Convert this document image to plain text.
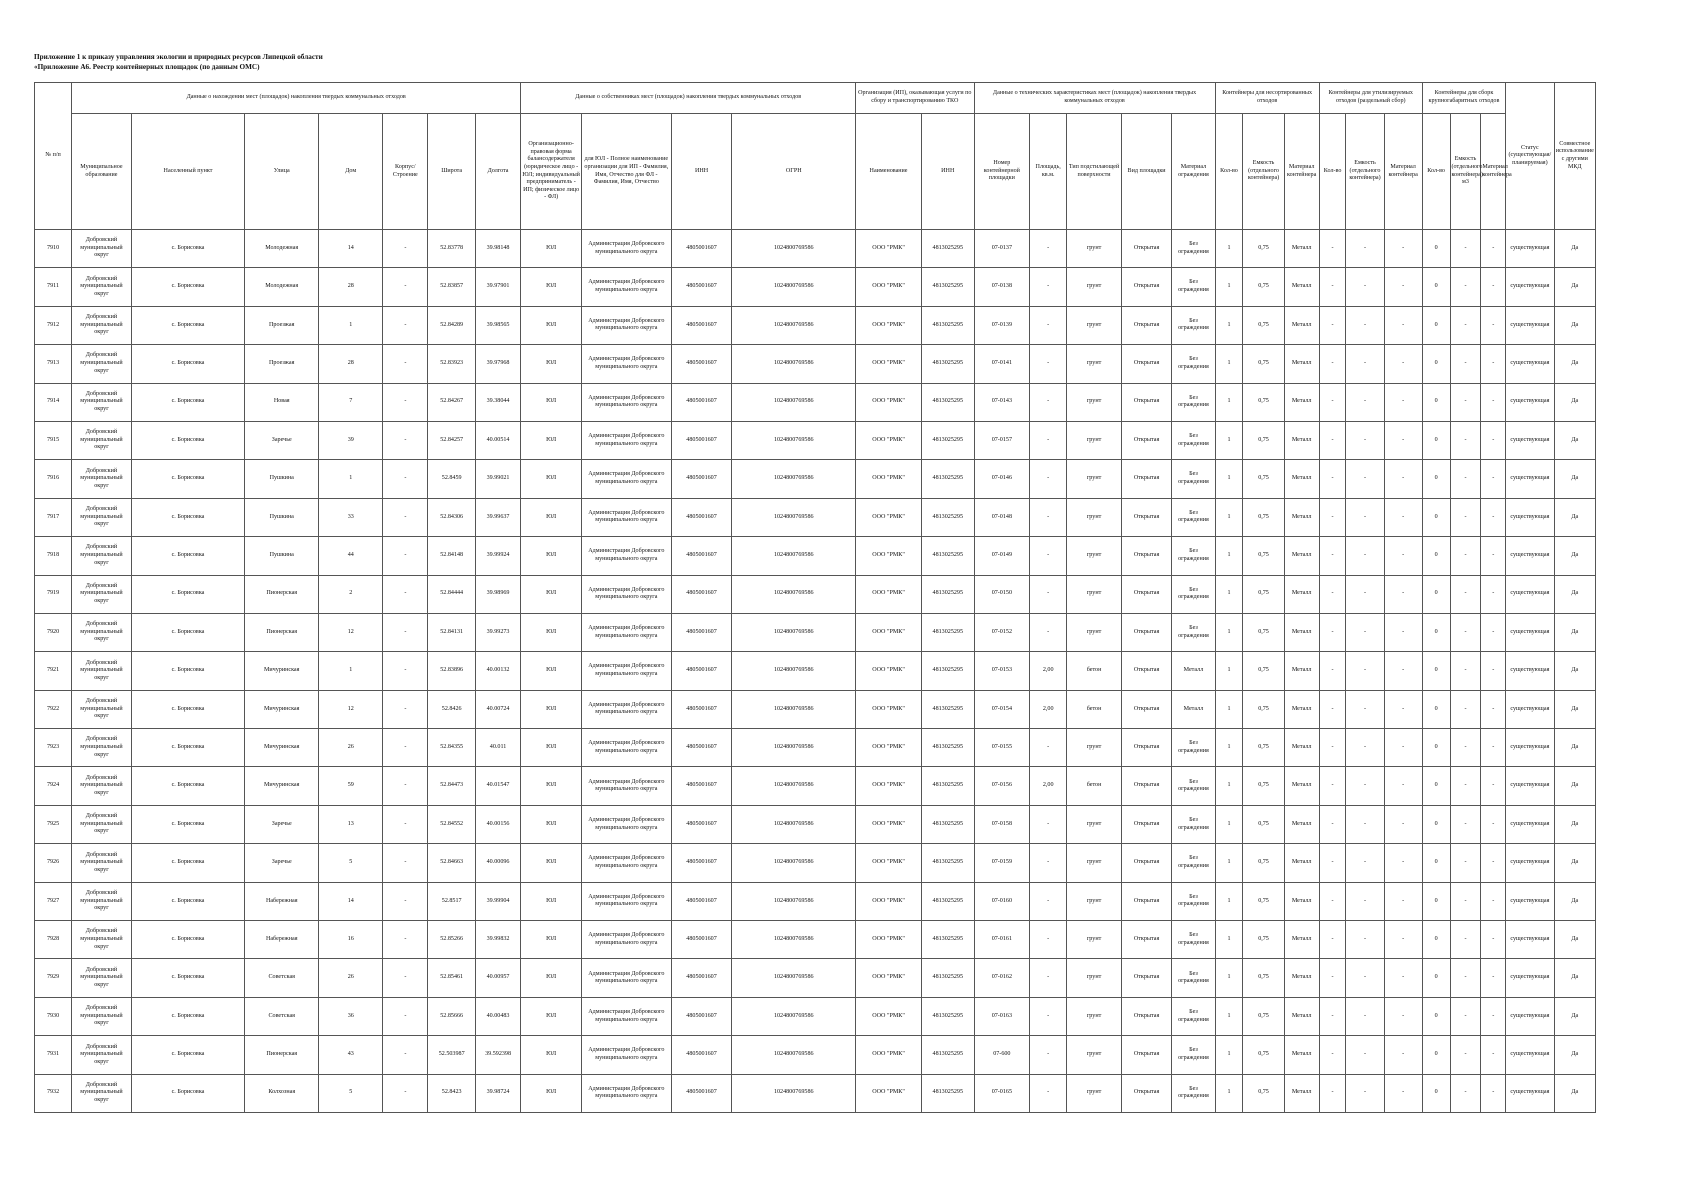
Приложение 1 к приказу управления экологии и природных ресурсов Липецкой области
«Приложение А6. Реестр контейнерных площадок (по данным ОМС)
№ п/п	Данные о нахождении мест (площадок) накопления твердых коммунальных отходов							Данные о собственниках мест (площадок) накопления твердых коммунальных отходов				Организация (ИП), оказывающая услуги по сбору и транспортированию ТКО		Данные о технических характеристиках мест (площадок) накопления твердых коммунальных отходов					Контейнеры для несортированных отходов			Контейнеры для утилизируемых отходов (раздельный сбор)			Контейнеры для сборк крупногабаритных отходов			Статус (существующая/ планируемая)	Совместное использование с другими МКД
	Муниципальное образование	Населенный пункт	Улица	Дом	Корпус/Строение	Широта	Долгота	Организационно-правовая форма балансодержателя (юридическое лицо - ЮЛ; индивидуальный предприниматель - ИП; физическое лицо - ФЛ)	для ЮЛ - Полное наименование организации для ИП - Фамилия, Имя, Отчество для ФЛ - Фамилия, Имя, Отчество	ИНН	ОГРН	Наименование	ИНН	Номер контейнерной площадки	Площадь, кв.м.	Тип подстилающей поверхности	Вид площадки	Материал ограждения	Кол-во	Емкость (отдельного контейнера)	Материал контейнера	Кол-во	Емкость (отдельного контейнера)	Материал контейнера	Кол-во	Емкость (отдельного контейнера) м3	Материал контейнера		
7910	Добровский муниципальный округ	с. Борисовка	Молодежная	14	-	52.83778	39.98148	ЮЛ	Администрация Добровского муниципального округа	4805001607	1024800769586	ООО "РМК"	4813025295	07-0137	-	грунт	Открытая	Без ограждения	1	0,75	Металл	-	-	-	0	-	-	существующая	Да
7911	Добровский муниципальный округ	с. Борисовка	Молодежная	28	-	52.83857	39.97901	ЮЛ	Администрация Добровского муниципального округа	4805001607	1024800769586	ООО "РМК"	4813025295	07-0138	-	грунт	Открытая	Без ограждения	1	0,75	Металл	-	-	-	0	-	-	существующая	Да
7912	Добровский муниципальный округ	с. Борисовка	Проезжая	1	-	52.84289	39.98565	ЮЛ	Администрация Добровского муниципального округа	4805001607	1024800769586	ООО "РМК"	4813025295	07-0139	-	грунт	Открытая	Без ограждения	1	0,75	Металл	-	-	-	0	-	-	существующая	Да
7913	Добровский муниципальный округ	с. Борисовка	Проезжая	28	-	52.83923	39.97968	ЮЛ	Администрация Добровского муниципального округа	4805001607	1024800769586	ООО "РМК"	4813025295	07-0141	-	грунт	Открытая	Без ограждения	1	0,75	Металл	-	-	-	0	-	-	существующая	Да
7914	Добровский муниципальный округ	с. Борисовка	Новая	7	-	52.84267	39.38044	ЮЛ	Администрация Добровского муниципального округа	4805001607	1024800769586	ООО "РМК"	4813025295	07-0143	-	грунт	Открытая	Без ограждения	1	0,75	Металл	-	-	-	0	-	-	существующая	Да
7915	Добровский муниципальный округ	с. Борисовка	Заречье	39	-	52.84257	40.00514	ЮЛ	Администрация Добровского муниципального округа	4805001607	1024800769586	ООО "РМК"	4813025295	07-0157	-	грунт	Открытая	Без ограждения	1	0,75	Металл	-	-	-	0	-	-	существующая	Да
7916	Добровский муниципальный округ	с. Борисовка	Пушкина	1	-	52.8459	39.99021	ЮЛ	Администрация Добровского муниципального округа	4805001607	1024800769586	ООО "РМК"	4813025295	07-0146	-	грунт	Открытая	Без ограждения	1	0,75	Металл	-	-	-	0	-	-	существующая	Да
7917	Добровский муниципальный округ	с. Борисовка	Пушкина	33	-	52.84306	39.99637	ЮЛ	Администрация Добровского муниципального округа	4805001607	1024800769586	ООО "РМК"	4813025295	07-0148	-	грунт	Открытая	Без ограждения	1	0,75	Металл	-	-	-	0	-	-	существующая	Да
7918	Добровский муниципальный округ	с. Борисовка	Пушкина	44	-	52.84148	39.99924	ЮЛ	Администрация Добровского муниципального округа	4805001607	1024800769586	ООО "РМК"	4813025295	07-0149	-	грунт	Открытая	Без ограждения	1	0,75	Металл	-	-	-	0	-	-	существующая	Да
7919	Добровский муниципальный округ	с. Борисовка	Пионерская	2	-	52.84444	39.98969	ЮЛ	Администрация Добровского муниципального округа	4805001607	1024800769586	ООО "РМК"	4813025295	07-0150	-	грунт	Открытая	Без ограждения	1	0,75	Металл	-	-	-	0	-	-	существующая	Да
7920	Добровский муниципальный округ	с. Борисовка	Пионерская	12	-	52.84131	39.99273	ЮЛ	Администрация Добровского муниципального округа	4805001607	1024800769586	ООО "РМК"	4813025295	07-0152	-	грунт	Открытая	Без ограждения	1	0,75	Металл	-	-	-	0	-	-	существующая	Да
7921	Добровский муниципальный округ	с. Борисовка	Мичуринская	1	-	52.83896	40.00132	ЮЛ	Администрация Добровского муниципального округа	4805001607	1024800769586	ООО "РМК"	4813025295	07-0153	2,00	бетон	Открытая	Металл	1	0,75	Металл	-	-	-	0	-	-	существующая	Да
7922	Добровский муниципальный округ	с. Борисовка	Мичуринская	12	-	52.8426	40.00724	ЮЛ	Администрация Добровского муниципального округа	4805001607	1024800769586	ООО "РМК"	4813025295	07-0154	2,00	бетон	Открытая	Металл	1	0,75	Металл	-	-	-	0	-	-	существующая	Да
7923	Добровский муниципальный округ	с. Борисовка	Мичуринская	26	-	52.84355	40.011	ЮЛ	Администрация Добровского муниципального округа	4805001607	1024800769586	ООО "РМК"	4813025295	07-0155	-	грунт	Открытая	Без ограждения	1	0,75	Металл	-	-	-	0	-	-	существующая	Да
7924	Добровский муниципальный округ	с. Борисовка	Мичуринская	59	-	52.84473	40.01547	ЮЛ	Администрация Добровского муниципального округа	4805001607	1024800769586	ООО "РМК"	4813025295	07-0156	2,00	бетон	Открытая	Без ограждения	1	0,75	Металл	-	-	-	0	-	-	существующая	Да
7925	Добровский муниципальный округ	с. Борисовка	Заречье	13	-	52.84552	40.00156	ЮЛ	Администрация Добровского муниципального округа	4805001607	1024800769586	ООО "РМК"	4813025295	07-0158	-	грунт	Открытая	Без ограждения	1	0,75	Металл	-	-	-	0	-	-	существующая	Да
7926	Добровский муниципальный округ	с. Борисовка	Заречье	5	-	52.84663	40.00096	ЮЛ	Администрация Добровского муниципального округа	4805001607	1024800769586	ООО "РМК"	4813025295	07-0159	-	грунт	Открытая	Без ограждения	1	0,75	Металл	-	-	-	0	-	-	существующая	Да
7927	Добровский муниципальный округ	с. Борисовка	Набережная	14	-	52.8517	39.99904	ЮЛ	Администрация Добровского муниципального округа	4805001607	1024800769586	ООО "РМК"	4813025295	07-0160	-	грунт	Открытая	Без ограждения	1	0,75	Металл	-	-	-	0	-	-	существующая	Да
7928	Добровский муниципальный округ	с. Борисовка	Набережная	16	-	52.85266	39.99832	ЮЛ	Администрация Добровского муниципального округа	4805001607	1024800769586	ООО "РМК"	4813025295	07-0161	-	грунт	Открытая	Без ограждения	1	0,75	Металл	-	-	-	0	-	-	существующая	Да
7929	Добровский муниципальный округ	с. Борисовка	Советская	26	-	52.85461	40.00957	ЮЛ	Администрация Добровского муниципального округа	4805001607	1024800769586	ООО "РМК"	4813025295	07-0162	-	грунт	Открытая	Без ограждения	1	0,75	Металл	-	-	-	0	-	-	существующая	Да
7930	Добровский муниципальный округ	с. Борисовка	Советская	36	-	52.85666	40.00483	ЮЛ	Администрация Добровского муниципального округа	4805001607	1024800769586	ООО "РМК"	4813025295	07-0163	-	грунт	Открытая	Без ограждения	1	0,75	Металл	-	-	-	0	-	-	существующая	Да
7931	Добровский муниципальный округ	с. Борисовка	Пионерская	43	-	52.503987	39.592398	ЮЛ	Администрация Добровского муниципального округа	4805001607	1024800769586	ООО "РМК"	4813025295	07-600	-	грунт	Открытая	Без ограждения	1	0,75	Металл	-	-	-	0	-	-	существующая	Да
7932	Добровский муниципальный округ	с. Борисовка	Колхозная	5	-	52.8423	39.98724	ЮЛ	Администрация Добровского муниципального округа	4805001607	1024800769586	ООО "РМК"	4813025295	07-0165	-	грунт	Открытая	Без ограждения	1	0,75	Металл	-	-	-	0	-	-	существующая	Да
